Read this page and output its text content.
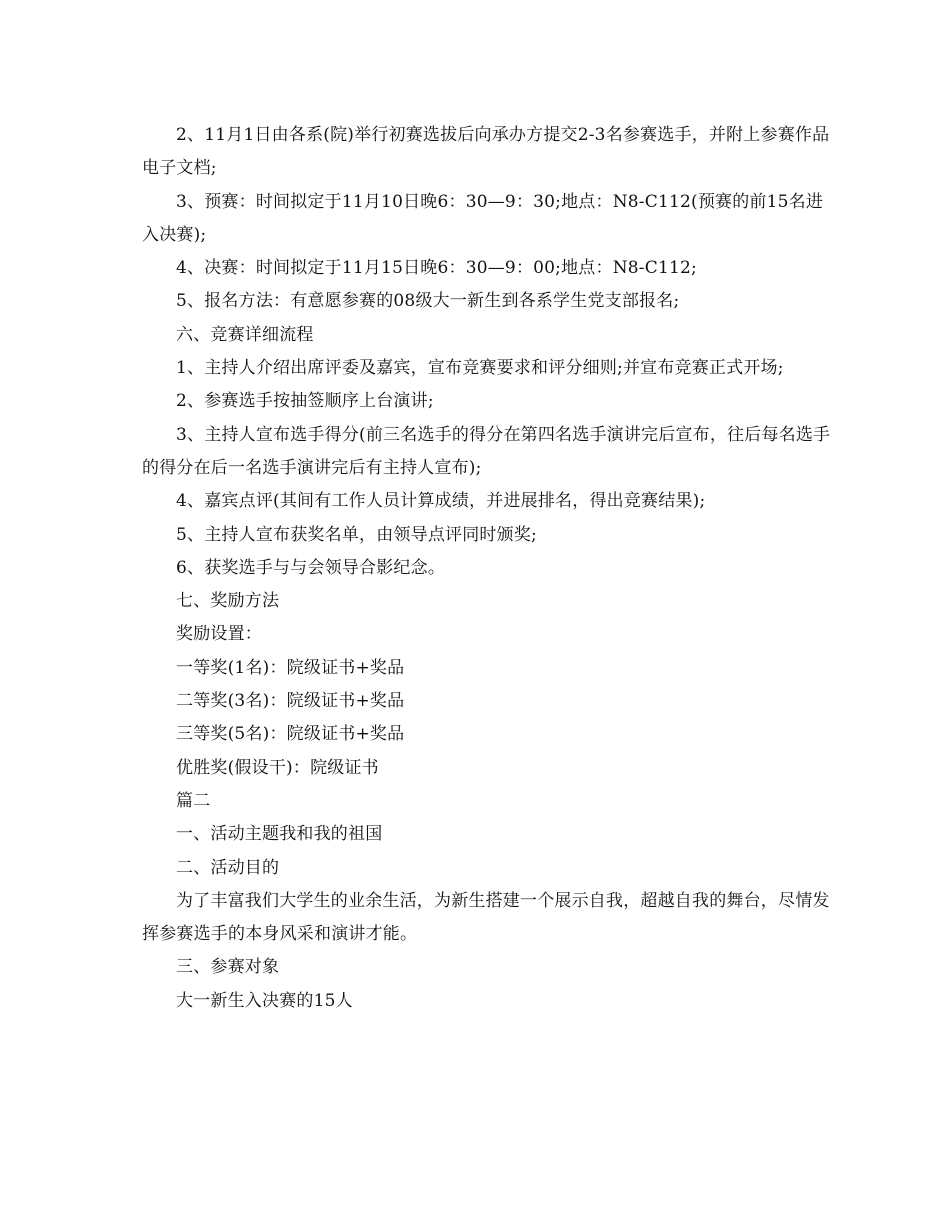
2、11月1日由各系(院)举行初赛选拔后向承办方提交2-3名参赛选手，并附上参赛作品电子文档;

3、预赛：时间拟定于11月10日晚6：30—9：30;地点：N8-C112(预赛的前15名进入决赛);

4、决赛：时间拟定于11月15日晚6：30—9：00;地点：N8-C112;

5、报名方法：有意愿参赛的08级大一新生到各系学生党支部报名;

六、竞赛详细流程

1、主持人介绍出席评委及嘉宾，宣布竞赛要求和评分细则;并宣布竞赛正式开场;

2、参赛选手按抽签顺序上台演讲;

3、主持人宣布选手得分(前三名选手的得分在第四名选手演讲完后宣布，往后每名选手的得分在后一名选手演讲完后有主持人宣布);

4、嘉宾点评(其间有工作人员计算成绩，并进展排名，得出竞赛结果);

5、主持人宣布获奖名单，由领导点评同时颁奖;

6、获奖选手与与会领导合影纪念。

七、奖励方法

奖励设置：

一等奖(1名)：院级证书+奖品

二等奖(3名)：院级证书+奖品

三等奖(5名)：院级证书+奖品

优胜奖(假设干)：院级证书

篇二

一、活动主题我和我的祖国

二、活动目的

为了丰富我们大学生的业余生活，为新生搭建一个展示自我，超越自我的舞台，尽情发挥参赛选手的本身风采和演讲才能。

三、参赛对象

大一新生入决赛的15人
